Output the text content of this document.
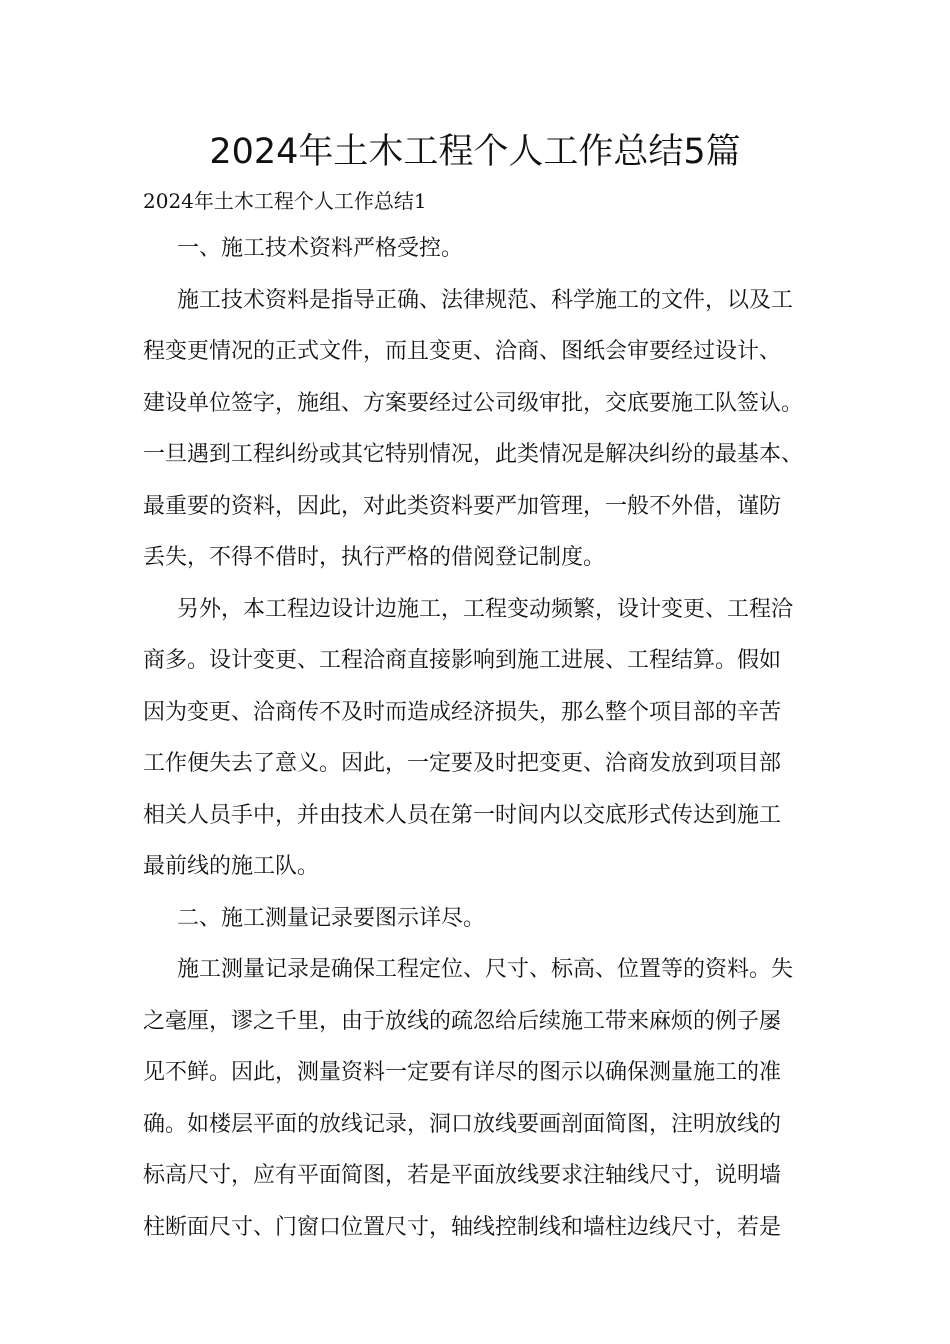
2024年土木工程个人工作总结5篇
2024年土木工程个人工作总结1
一、施工技术资料严格受控。
施工技术资料是指导正确、法律规范、科学施工的文件，以及工
程变更情况的正式文件，而且变更、洽商、图纸会审要经过设计、
建设单位签字，施组、方案要经过公司级审批，交底要施工队签认。
一旦遇到工程纠纷或其它特别情况，此类情况是解决纠纷的最基本、
最重要的资料，因此，对此类资料要严加管理，一般不外借，谨防
丢失，不得不借时，执行严格的借阅登记制度。
另外，本工程边设计边施工，工程变动频繁，设计变更、工程洽
商多。设计变更、工程洽商直接影响到施工进展、工程结算。假如
因为变更、洽商传不及时而造成经济损失，那么整个项目部的辛苦
工作便失去了意义。因此，一定要及时把变更、洽商发放到项目部
相关人员手中，并由技术人员在第一时间内以交底形式传达到施工
最前线的施工队。
二、施工测量记录要图示详尽。
施工测量记录是确保工程定位、尺寸、标高、位置等的资料。失
之毫厘，谬之千里，由于放线的疏忽给后续施工带来麻烦的例子屡
见不鲜。因此，测量资料一定要有详尽的图示以确保测量施工的准
确。如楼层平面的放线记录，洞口放线要画剖面简图，注明放线的
标高尺寸，应有平面简图，若是平面放线要求注轴线尺寸，说明墙
柱断面尺寸、门窗口位置尺寸，轴线控制线和墙柱边线尺寸，若是
